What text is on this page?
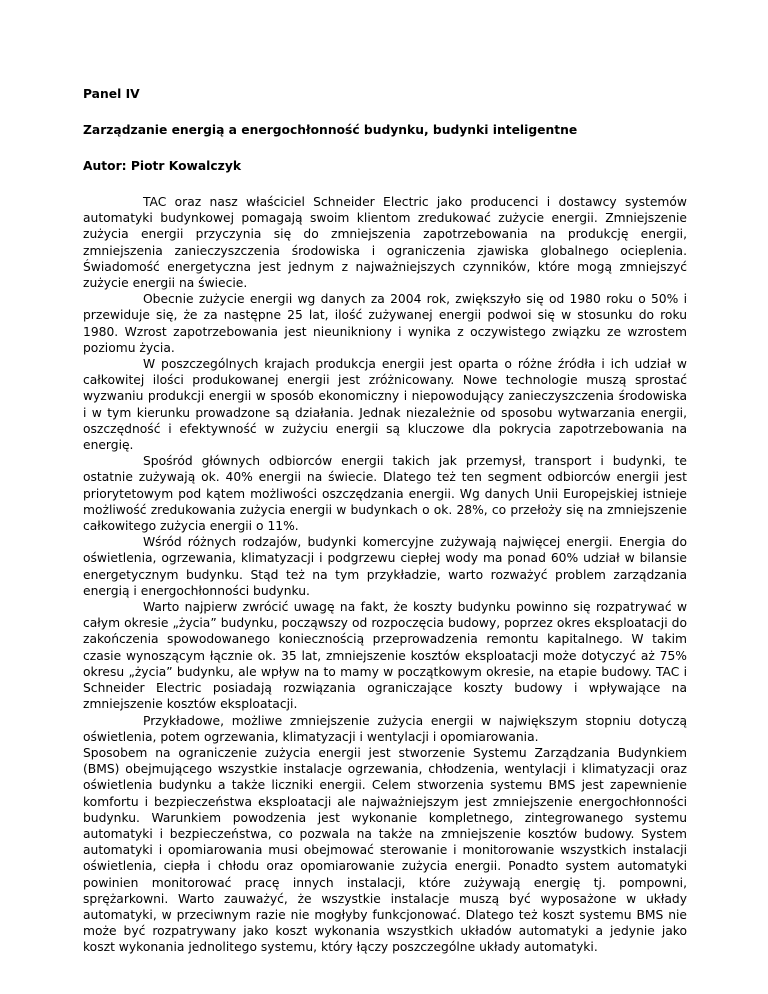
Panel IV

Zarządzanie energią a energochłonność budynku, budynki inteligentne

Autor: Piotr Kowalczyk

TAC oraz nasz właściciel Schneider Electric jako producenci i dostawcy systemów automatyki budynkowej pomagają swoim klientom zredukować zużycie energii. Zmniejszenie zużycia energii przyczynia się do zmniejszenia zapotrzebowania na produkcję energii, zmniejszenia zanieczyszczenia środowiska i ograniczenia zjawiska globalnego ocieplenia. Świadomość energetyczna jest jednym z najważniejszych czynników, które mogą zmniejszyć zużycie energii na świecie.

Obecnie zużycie energii wg danych za 2004 rok, zwiększyło się od 1980 roku o 50% i przewiduje się, że za następne 25 lat, ilość zużywanej energii podwoi się w stosunku do roku 1980. Wzrost zapotrzebowania jest nieunikniony i wynika z oczywistego związku ze wzrostem poziomu życia.

W poszczególnych krajach produkcja energii jest oparta o różne źródła i ich udział w całkowitej ilości produkowanej energii jest zróżnicowany. Nowe technologie muszą sprostać wyzwaniu produkcji energii w sposób ekonomiczny i niepowodujący zanieczyszczenia środowiska i w tym kierunku prowadzone są działania. Jednak niezależnie od sposobu wytwarzania energii, oszczędność i efektywność w zużyciu energii są kluczowe dla pokrycia zapotrzebowania na energię.

Spośród głównych odbiorców energii takich jak przemysł, transport i budynki, te ostatnie zużywają ok. 40% energii na świecie. Dlatego też ten segment odbiorców energii jest priorytetowym pod kątem możliwości oszczędzania energii. Wg danych Unii Europejskiej istnieje możliwość zredukowania zużycia energii w budynkach o ok. 28%, co przełoży się na zmniejszenie całkowitego zużycia energii o 11%.

Wśród różnych rodzajów, budynki komercyjne zużywają najwięcej energii. Energia do oświetlenia, ogrzewania, klimatyzacji i podgrzewu ciepłej wody ma ponad 60% udział w bilansie energetycznym budynku. Stąd też na tym przykładzie, warto rozważyć problem zarządzania energią i energochłonności budynku.

Warto najpierw zwrócić uwagę na fakt, że koszty budynku powinno się rozpatrywać w całym okresie „życia” budynku, począwszy od rozpoczęcia budowy, poprzez okres eksploatacji do zakończenia spowodowanego koniecznością przeprowadzenia remontu kapitalnego. W takim czasie wynoszącym łącznie ok. 35 lat, zmniejszenie kosztów eksploatacji może dotyczyć aż 75% okresu „życia” budynku, ale wpływ na to mamy w początkowym okresie, na etapie budowy. TAC i Schneider Electric posiadają rozwiązania ograniczające koszty budowy i wpływające na zmniejszenie kosztów eksploatacji.

Przykładowe, możliwe zmniejszenie zużycia energii w największym stopniu dotyczą oświetlenia, potem ogrzewania, klimatyzacji i wentylacji i opomiarowania.

Sposobem na ograniczenie zużycia energii jest stworzenie Systemu Zarządzania Budynkiem (BMS) obejmującego wszystkie instalacje ogrzewania, chłodzenia, wentylacji i klimatyzacji oraz oświetlenia budynku a także liczniki energii. Celem stworzenia systemu BMS jest zapewnienie komfortu i bezpieczeństwa eksploatacji ale najważniejszym jest zmniejszenie energochłonności budynku. Warunkiem powodzenia jest wykonanie kompletnego, zintegrowanego systemu automatyki i bezpieczeństwa, co pozwala na także na zmniejszenie kosztów budowy. System automatyki i opomiarowania musi obejmować sterowanie i monitorowanie wszystkich instalacji oświetlenia, ciepła i chłodu oraz opomiarowanie zużycia energii. Ponadto system automatyki powinien monitorować pracę innych instalacji, które zużywają energię tj. pompowni, sprężarkowni. Warto zauważyć, że wszystkie instalacje muszą być wyposażone w układy automatyki, w przeciwnym razie nie mogłyby funkcjonować. Dlatego też koszt systemu BMS nie może być rozpatrywany jako koszt wykonania wszystkich układów automatyki a jedynie jako koszt wykonania jednolitego systemu, który łączy poszczególne układy automatyki.
